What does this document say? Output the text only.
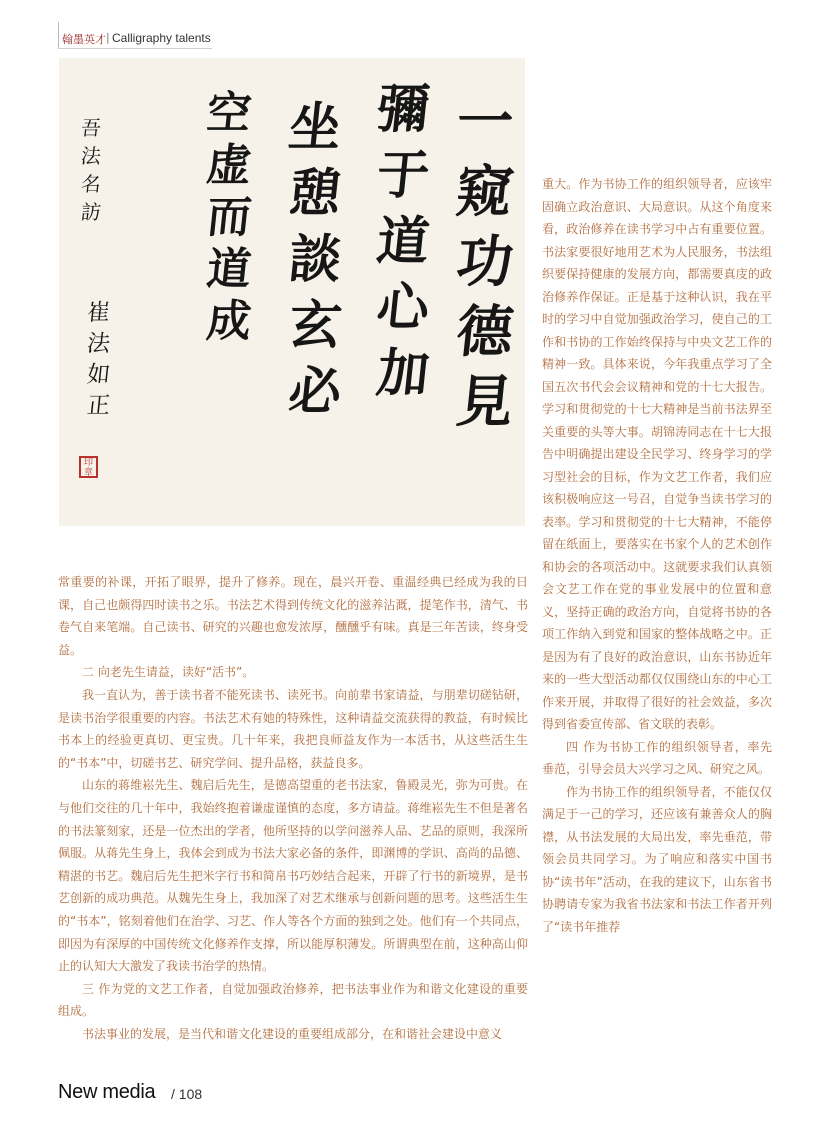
翰墨英才 | Calligraphy talents
一
窥
功
德
見
彌
于
道
心
加
坐
憩
談
玄
必
空
虚
而
道
成
吾
法
名
訪
崔
法
如
正
印章

常重要的补课，开拓了眼界，提升了修养。现在，晨兴开卷、重温经典已经成为我的日课，自己也颇得四时读书之乐。书法艺术得到传统文化的滋养沾溉，提笔作书，清气、书卷气自来笔端。自己读书、研究的兴趣也愈发浓厚，醺醺乎有味。真是三年苦读，终身受益。

二 向老先生请益，读好“活书”。

我一直认为，善于读书者不能死读书、读死书。向前辈书家请益，与朋辈切磋钻研，是读书治学很重要的内容。书法艺术有她的特殊性，这种请益交流获得的教益，有时候比书本上的经验更真切、更宝贵。几十年来，我把良师益友作为一本活书，从这些活生生的“书本”中，切磋书艺、研究学问、提升品格，获益良多。

山东的蒋维崧先生、魏启后先生，是德高望重的老书法家，鲁殿灵光，弥为可贵。在与他们交往的几十年中，我始终抱着谦虚谨慎的态度，多方请益。蒋维崧先生不但是著名的书法篆刻家，还是一位杰出的学者，他所坚持的以学问滋养人品、艺品的原则，我深所佩服。从蒋先生身上，我体会到成为书法大家必备的条件，即渊博的学识、高尚的品德、精湛的书艺。魏启后先生把米字行书和简帛书巧妙结合起来，开辟了行书的新境界，是书艺创新的成功典范。从魏先生身上，我加深了对艺术继承与创新问题的思考。这些活生生的“书本”，铭刻着他们在治学、习艺、作人等各个方面的独到之处。他们有一个共同点，即因为有深厚的中国传统文化修养作支撑，所以能厚积薄发。所谓典型在前，这种高山仰止的认知大大激发了我读书治学的热情。

三 作为党的文艺工作者，自觉加强政治修养，把书法事业作为和谐文化建设的重要组成。

书法事业的发展，是当代和谐文化建设的重要组成部分，在和谐社会建设中意义

重大。作为书协工作的组织领导者，应该牢固确立政治意识、大局意识。从这个角度来看，政治修养在读书学习中占有重要位置。书法家要很好地用艺术为人民服务，书法组织要保持健康的发展方向，都需要真庋的政治修养作保证。正是基于这种认识，我在平时的学习中自觉加强政治学习，使自己的工作和书协的工作始终保持与中央文艺工作的精神一致。具体来说，今年我重点学习了全国五次书代会会议精神和党的十七大报告。学习和贯彻党的十七大精神是当前书法界至关重要的头等大事。胡锦涛同志在十七大报告中明确提出建设全民学习、终身学习的学习型社会的目标，作为文艺工作者，我们应该积极响应这一号召，自觉争当读书学习的表率。学习和贯彻党的十七大精神，不能停留在纸面上，要落实在书家个人的艺术创作和协会的各项活动中。这就要求我们认真领会文艺工作在党的事业发展中的位置和意义，坚持正确的政治方向，自觉将书协的各项工作纳入到党和国家的整体战略之中。正是因为有了良好的政治意识，山东书协近年来的一些大型活动都仅仅围绕山东的中心工作来开展，并取得了很好的社会效益，多次得到省委宣传部、省文联的表彰。

四 作为书协工作的组织领导者，率先垂范，引导会员大兴学习之风、研究之风。

作为书协工作的组织领导者，不能仅仅满足于一己的学习，还应该有兼善众人的胸襟，从书法发展的大局出发，率先垂范，带领会员共同学习。为了响应和落实中国书协“读书年”活动，在我的建议下，山东省书协聘请专家为我省书法家和书法工作者开列了“读书年推荐

New media / 108
